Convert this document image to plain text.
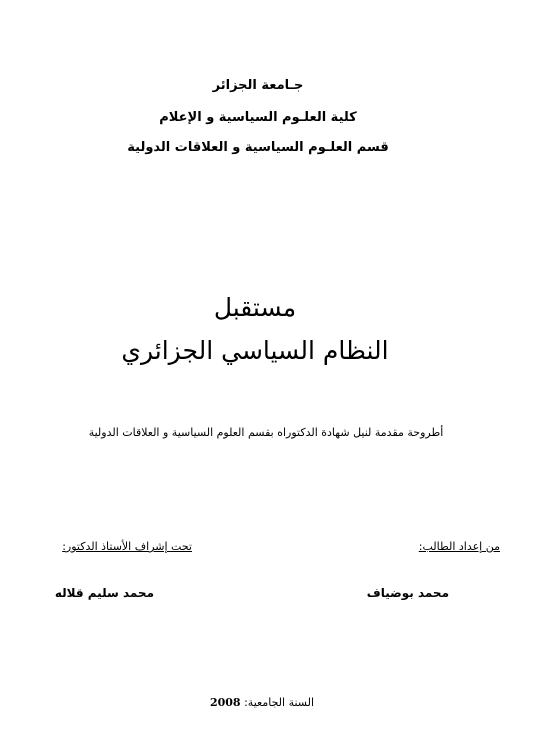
جـامعة الجزائر
كلية العلـوم السياسية و الإعلام
قسم العلـوم السياسية و العلاقات الدولية
مستقبل
النظام السياسي الجزائري
أطروحة مقدمة لنيل شهادة الدكتوراه بقسم العلوم السياسية و العلاقات الدولية
من إعداد الطالب:
تحت إشراف الأستاذ الدكتور:
محمد بوضياف
محمد سليم قلاله
السنة الجامعية: 2008
